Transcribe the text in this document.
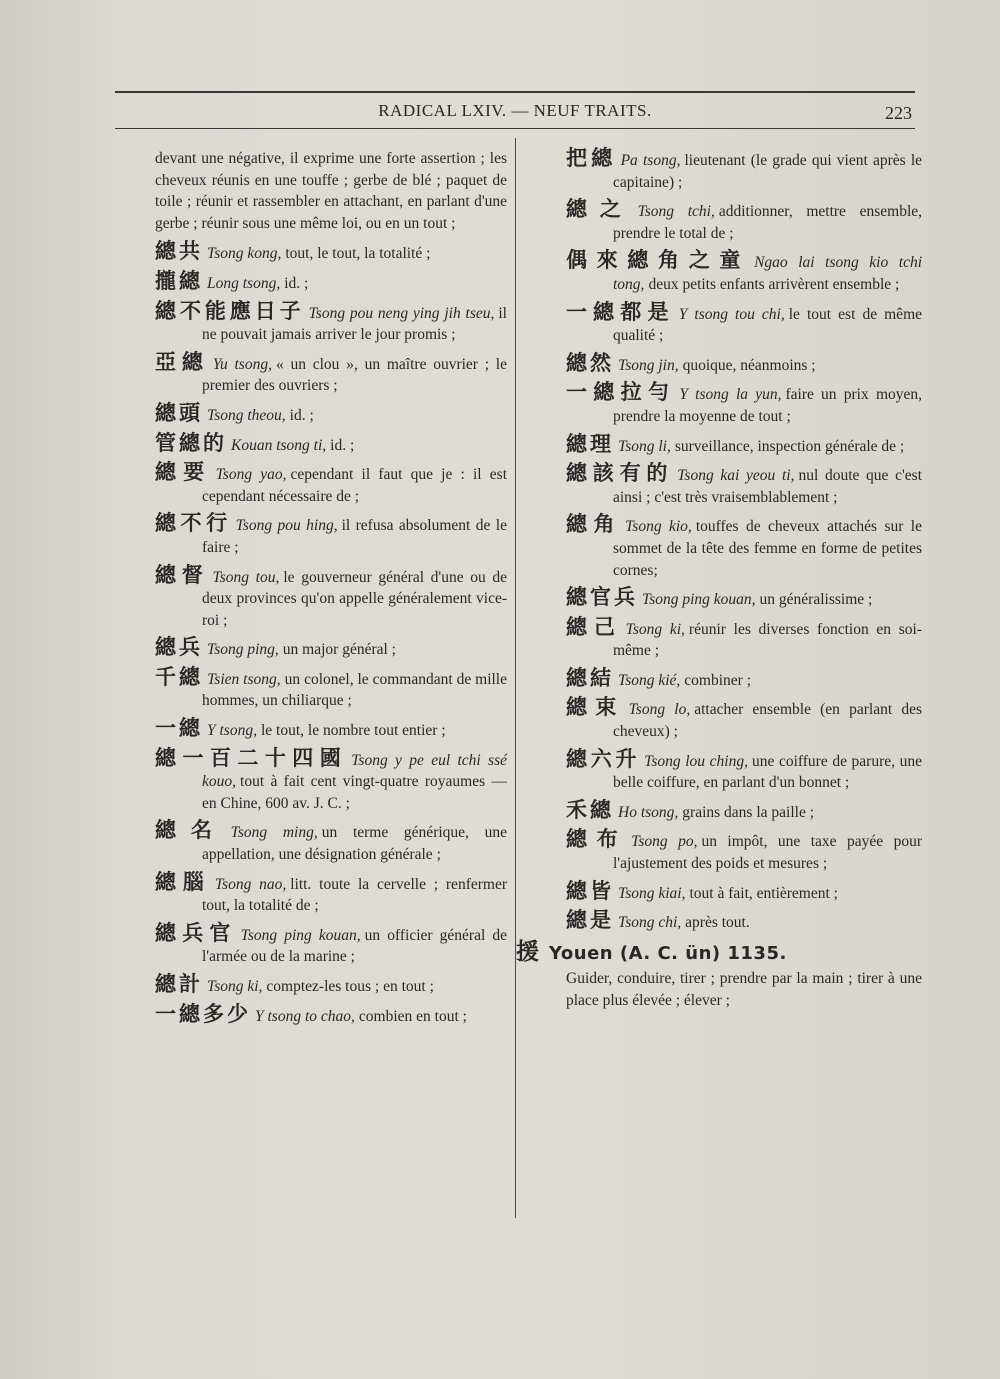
RADICAL LXIV. — NEUF TRAITS.	223

devant une négative, il exprime une forte assertion ; les cheveux réunis en une touffe ; gerbe de blé ; paquet de toile ; réunir et rassembler en attachant, en parlant d'une gerbe ; réunir sous une même loi, ou en un tout ;

總共 Tsong kong, tout, le tout, la totalité ;

攏總 Long tsong, id. ;

總不能應日子 Tsong pou neng ying jih tseu, il ne pouvait jamais arriver le jour promis ;

亞總 Yu tsong, « un clou », un maître ouvrier ; le premier des ouvriers ;

總頭 Tsong theou, id. ;

管總的 Kouan tsong ti, id. ;

總要 Tsong yao, cependant il faut que je : il est cependant nécessaire de ;

總不行 Tsong pou hing, il refusa absolument de le faire ;

總督 Tsong tou, le gouverneur général d'une ou de deux provinces qu'on appelle généralement vice-roi ;

總兵 Tsong ping, un major général ;

千總 Tsien tsong, un colonel, le commandant de mille hommes, un chiliarque ;

一總 Y tsong, le tout, le nombre tout entier ;

總一百二十四國 Tsong y pe eul tchi ssé kouo, tout à fait cent vingt-quatre royaumes — en Chine, 600 av. J. C. ;

總名 Tsong ming, un terme générique, une appellation, une désignation générale ;

總腦 Tsong nao, litt. toute la cervelle ; renfermer tout, la totalité de ;

總兵官 Tsong ping kouan, un officier général de l'armée ou de la marine ;

總計 Tsong ki, comptez-les tous ; en tout ;

一總多少 Y tsong to chao, combien en tout ;

把總 Pa tsong, lieutenant (le grade qui vient après le capitaine) ;

總之 Tsong tchi, additionner, mettre ensemble, prendre le total de ;

偶來總角之童 Ngao lai tsong kio tchi tong, deux petits enfants arrivèrent ensemble ;

一總都是 Y tsong tou chi, le tout est de même qualité ;

總然 Tsong jin, quoique, néanmoins ;

一總拉勻 Y tsong la yun, faire un prix moyen, prendre la moyenne de tout ;

總理 Tsong li, surveillance, inspection générale de ;

總該有的 Tsong kai yeou ti, nul doute que c'est ainsi ; c'est très vraisemblablement ;

總角 Tsong kio, touffes de cheveux attachés sur le sommet de la tête des femme en forme de petites cornes;

總官兵 Tsong ping kouan, un généralissime ;

總己 Tsong ki, réunir les diverses fonction en soi-même ;

總結 Tsong kié, combiner ;

總束 Tsong lo, attacher ensemble (en parlant des cheveux) ;

總六升 Tsong lou ching, une coiffure de parure, une belle coiffure, en parlant d'un bonnet ;

禾總 Ho tsong, grains dans la paille ;

總布 Tsong po, un impôt, une taxe payée pour l'ajustement des poids et mesures ;

總皆 Tsong kiai, tout à fait, entièrement ;

總是 Tsong chi, après tout.

援 Youen (A. C. ün) 1135.

Guider, conduire, tirer ; prendre par la main ; tirer à une place plus élevée ; élever ;
